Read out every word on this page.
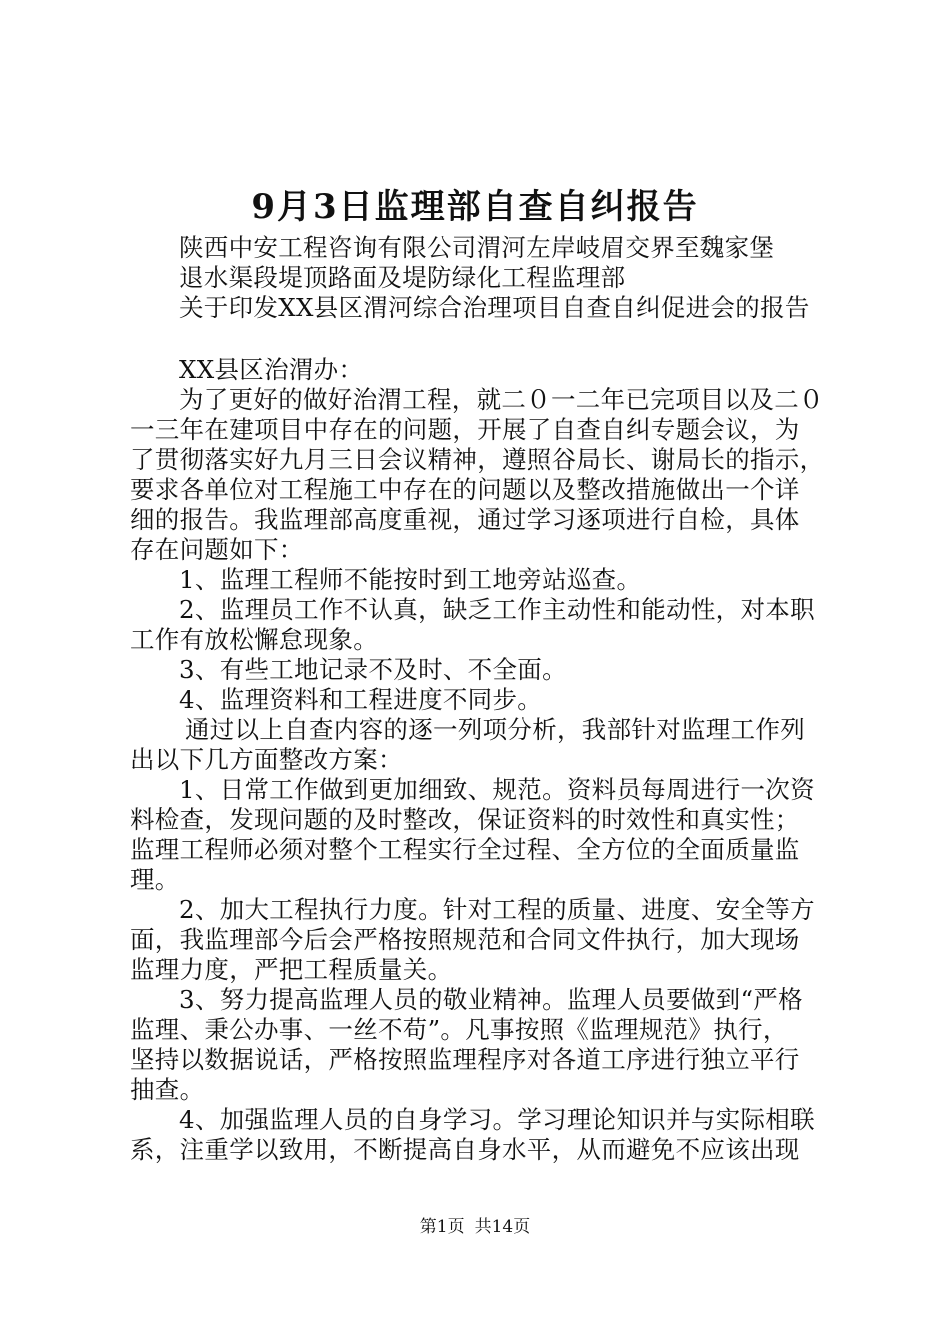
9月3日监理部自查自纠报告
陕西中安工程咨询有限公司渭河左岸岐眉交界至魏家堡
退水渠段堤顶路面及堤防绿化工程监理部
关于印发XX县区渭河综合治理项目自查自纠促进会的报告
XX县区治渭办：
为了更好的做好治渭工程，就二０一二年已完项目以及二０
一三年在建项目中存在的问题，开展了自查自纠专题会议，为
了贯彻落实好九月三日会议精神，遵照谷局长、谢局长的指示，
要求各单位对工程施工中存在的问题以及整改措施做出一个详
细的报告。我监理部高度重视，通过学习逐项进行自检，具体
存在问题如下：
1、监理工程师不能按时到工地旁站巡查。
2、监理员工作不认真，缺乏工作主动性和能动性，对本职
工作有放松懈怠现象。
3、有些工地记录不及时、不全面。
4、监理资料和工程进度不同步。
通过以上自查内容的逐一列项分析，我部针对监理工作列
出以下几方面整改方案：
1、日常工作做到更加细致、规范。资料员每周进行一次资
料检查，发现问题的及时整改，保证资料的时效性和真实性；
监理工程师必须对整个工程实行全过程、全方位的全面质量监
理。
2、加大工程执行力度。针对工程的质量、进度、安全等方
面，我监理部今后会严格按照规范和合同文件执行，加大现场
监理力度，严把工程质量关。
3、努力提高监理人员的敬业精神。监理人员要做到“严格
监理、秉公办事、一丝不苟”。凡事按照《监理规范》执行，
坚持以数据说话，严格按照监理程序对各道工序进行独立平行
抽查。
4、加强监理人员的自身学习。学习理论知识并与实际相联
系，注重学以致用，不断提高自身水平，从而避免不应该出现
第1页 共14页
